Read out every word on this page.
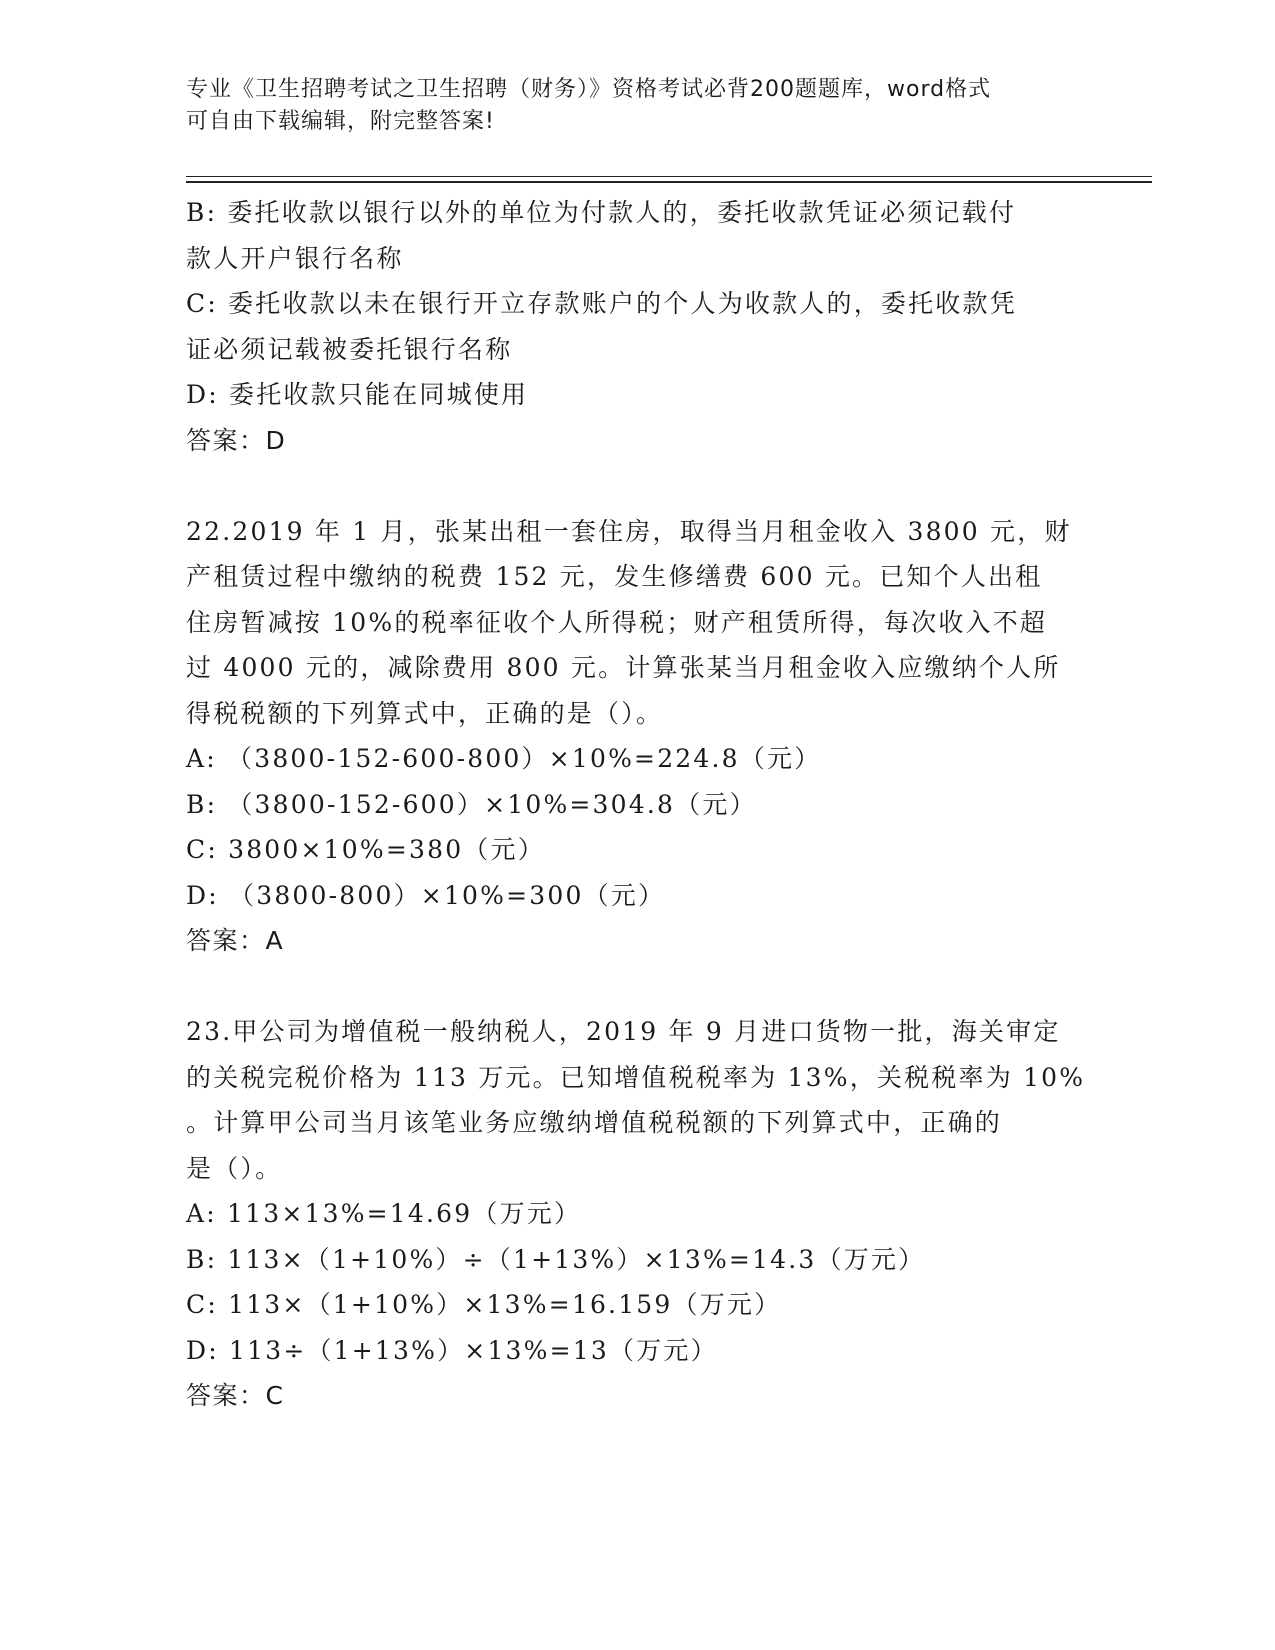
专业《卫生招聘考试之卫生招聘（财务）》资格考试必背200题题库，word格式
可自由下载编辑，附完整答案!
B: 委托收款以银行以外的单位为付款人的，委托收款凭证必须记载付
款人开户银行名称
C: 委托收款以未在银行开立存款账户的个人为收款人的，委托收款凭
证必须记载被委托银行名称
D: 委托收款只能在同城使用
答案：D
22.2019 年 1 月，张某出租一套住房，取得当月租金收入 3800 元，财
产租赁过程中缴纳的税费 152 元，发生修缮费 600 元。已知个人出租
住房暂减按 10%的税率征收个人所得税；财产租赁所得，每次收入不超
过 4000 元的，减除费用 800 元。计算张某当月租金收入应缴纳个人所
得税税额的下列算式中，正确的是（）。
A: （3800-152-600-800）×10%=224.8（元）
B: （3800-152-600）×10%=304.8（元）
C: 3800×10%=380（元）
D: （3800-800）×10%=300（元）
答案：A
23.甲公司为增值税一般纳税人，2019 年 9 月进口货物一批，海关审定
的关税完税价格为 113 万元。已知增值税税率为 13%，关税税率为 10%
。计算甲公司当月该笔业务应缴纳增值税税额的下列算式中，正确的
是（）。
A: 113×13%=14.69（万元）
B: 113×（1+10%）÷（1+13%）×13%=14.3（万元）
C: 113×（1+10%）×13%=16.159（万元）
D: 113÷（1+13%）×13%=13（万元）
答案：C
